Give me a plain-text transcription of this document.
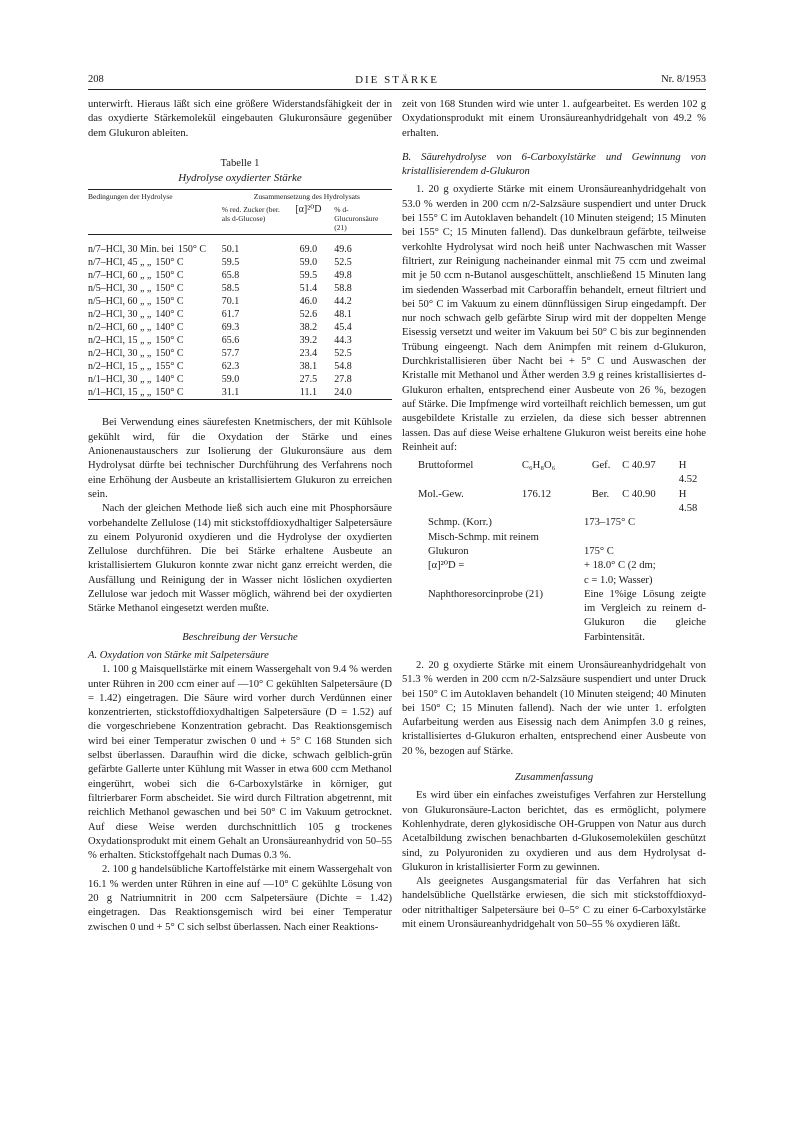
208	DIE STÄRKE	Nr. 8/1953

unterwirft. Hieraus läßt sich eine größere Widerstandsfähigkeit der in das oxydierte Stärkemolekül eingebauten Glukuronsäure gegenüber dem Glukuron ableiten.

Tabelle 1
Hydrolyse oxydierter Stärke
Bedingungen der Hydrolyse	Zusammensetzung des Hydrolysats		
	% red. Zucker (ber. als d-Glucose)	[α]²⁰D	% d-Glucuronsäure (21)
n/7–HCl, 30 Min. bei 150° C	50.1	69.0	49.6
n/7–HCl, 45 „ „ 150° C	59.5	59.0	52.5
n/7–HCl, 60 „ „ 150° C	65.8	59.5	49.8
n/5–HCl, 30 „ „ 150° C	58.5	51.4	58.8
n/5–HCl, 60 „ „ 150° C	70.1	46.0	44.2
n/2–HCl, 30 „ „ 140° C	61.7	52.6	48.1
n/2–HCl, 60 „ „ 140° C	69.3	38.2	45.4
n/2–HCl, 15 „ „ 150° C	65.6	39.2	44.3
n/2–HCl, 30 „ „ 150° C	57.7	23.4	52.5
n/2–HCl, 15 „ „ 155° C	62.3	38.1	54.8
n/1–HCl, 30 „ „ 140° C	59.0	27.5	27.8
n/1–HCl, 15 „ „ 150° C	31.1	11.1	24.0

Bei Verwendung eines säurefesten Knetmischers, der mit Kühlsole gekühlt wird, für die Oxydation der Stärke und eines Anionenaustauschers zur Isolierung der Glukuronsäure aus dem Hydrolysat dürfte bei technischer Durchführung des Verfahrens noch eine Erhöhung der Ausbeute an kristallisiertem Glukuron zu erreichen sein.

Nach der gleichen Methode ließ sich auch eine mit Phosphorsäure vorbehandelte Zellulose (14) mit stickstoffdioxydhaltiger Salpetersäure zu einem Polyuronid oxydieren und die Hydrolyse der oxydierten Zellulose durchführen. Die bei Stärke erhaltene Ausbeute an kristallisiertem Glukuron konnte zwar nicht ganz erreicht werden, die Ausfällung und Reinigung der in Wasser nicht löslichen oxydierten Zellulose war jedoch mit Wasser möglich, während bei der oxydierten Stärke Methanol eingesetzt werden mußte.

Beschreibung der Versuche

A. Oxydation von Stärke mit Salpetersäure

1. 100 g Maisquellstärke mit einem Wassergehalt von 9.4 % werden unter Rühren in 200 ccm einer auf —10° C gekühlten Salpetersäure (D = 1.42) eingetragen. Die Säure wird vorher durch Verdünnen einer konzentrierten, stickstoffdioxydhaltigen Salpetersäure (D = 1.52) auf die vorgeschriebene Konzentration gebracht. Das Reaktionsgemisch wird bei einer Temperatur zwischen 0 und + 5° C 168 Stunden sich selbst überlassen. Daraufhin wird die dicke, schwach gelblich-grün gefärbte Gallerte unter Kühlung mit Wasser in etwa 600 ccm Methanol eingerührt, wobei sich die 6-Carboxylstärke in körniger, gut filtrierbarer Form abscheidet. Sie wird durch Filtration abgetrennt, mit reichlich Methanol gewaschen und bei 50° C im Vakuum getrocknet. Auf diese Weise werden durchschnittlich 105 g trockenes Oxydationsprodukt mit einem Gehalt an Uronsäureanhydrid von 50–55 % erhalten. Stickstoffgehalt nach Dumas 0.3 %.

2. 100 g handelsübliche Kartoffelstärke mit einem Wassergehalt von 16.1 % werden unter Rühren in eine auf —10° C gekühlte Lösung von 20 g Natriumnitrit in 200 ccm Salpetersäure (Dichte = 1.42) eingetragen. Das Reaktionsgemisch wird bei einer Temperatur zwischen 0 und + 5° C sich selbst überlassen. Nach einer Reaktions-

zeit von 168 Stunden wird wie unter 1. aufgearbeitet. Es werden 102 g Oxydationsprodukt mit einem Uronsäureanhydridgehalt von 49.2 % erhalten.

B. Säurehydrolyse von 6-Carboxylstärke und Gewinnung von kristallisierendem d-Glukuron

1. 20 g oxydierte Stärke mit einem Uronsäureanhydridgehalt von 53.0 % werden in 200 ccm n/2-Salzsäure suspendiert und unter Druck bei 155° C im Autoklaven behandelt (10 Minuten steigend; 15 Minuten bei 155° C; 15 Minuten fallend). Das dunkelbraun gefärbte, teilweise verkohlte Hydrolysat wird noch heiß unter Nachwaschen mit Wasser filtriert, zur Reinigung nacheinander einmal mit 75 ccm und zweimal mit je 50 ccm n-Butanol ausgeschüttelt, anschließend 15 Minuten lang im siedenden Wasserbad mit Carboraffin behandelt, erneut filtriert und bei 50° C im Vakuum zu einem dünnflüssigen Sirup eingedampft. Der nur noch schwach gelb gefärbte Sirup wird mit der doppelten Menge Eisessig versetzt und weiter im Vakuum bei 50° C bis zur beginnenden Trübung eingeengt. Nach dem Animpfen mit reinem d-Glukuron, Durchkristallisieren über Nacht bei + 5° C und Auswaschen der Kristalle mit Methanol und Äther werden 3.9 g reines kristallisiertes d-Glukuron erhalten, entsprechend einer Ausbeute von 26 %, bezogen auf Stärke. Die Impfmenge wird vorteilhaft reichlich bemessen, um gut ausgebildete Kristalle zu erzielen, da diese sich besser abtrennen lassen. Das auf diese Weise erhaltene Glukuron weist bereits eine hohe Reinheit auf:

Bruttoformel	C₆H₈O₆	Gef.	C 40.97	H 4.52
Mol.-Gew.	176.12	Ber.	C 40.90	H 4.58
Schmp. (Korr.)	173–175° C
Misch-Schmp. mit reinem
Glukuron	175° C
[α]²⁰D =	+ 18.0° C (2 dm;
c = 1.0; Wasser)
Naphthoresorcinprobe (21)	Eine 1%ige Lösung zeigte im Vergleich zu reinem d-Glukuron die gleiche Farbintensität.

2. 20 g oxydierte Stärke mit einem Uronsäureanhydridgehalt von 51.3 % werden in 200 ccm n/2-Salzsäure suspendiert und unter Druck bei 150° C im Autoklaven behandelt (10 Minuten steigend; 40 Minuten bei 150° C; 15 Minuten fallend). Nach der wie unter 1. erfolgten Aufarbeitung werden aus Eisessig nach dem Animpfen 3.0 g reines, kristallisiertes d-Glukuron erhalten, entsprechend einer Ausbeute von 20 %, bezogen auf Stärke.

Zusammenfassung

Es wird über ein einfaches zweistufiges Verfahren zur Herstellung von Glukuronsäure-Lacton berichtet, das es ermöglicht, polymere Kohlenhydrate, deren glykosidische OH-Gruppen von Natur aus durch Acetalbildung zwischen benachbarten d-Glukosemolekülen geschützt sind, zu Polyuroniden zu oxydieren und aus dem Hydrolysat d-Glukuron in kristallisierter Form zu gewinnen.

Als geeignetes Ausgangsmaterial für das Verfahren hat sich handelsübliche Quellstärke erwiesen, die sich mit stickstoffdioxyd- oder nitrithaltiger Salpetersäure bei 0–5° C zu einer 6-Carboxylstärke mit einem Uronsäureanhydridgehalt von 50–55 % oxydieren läßt.
